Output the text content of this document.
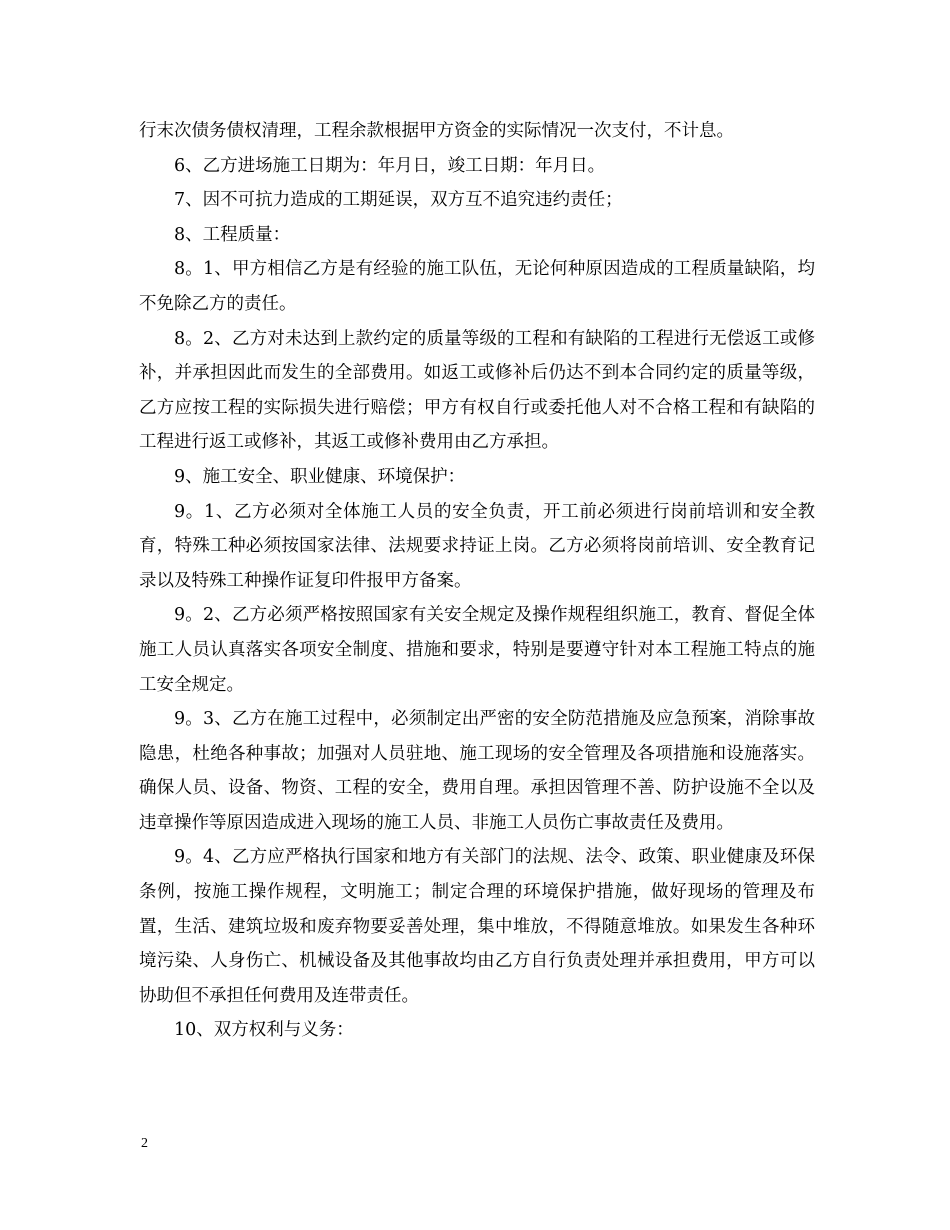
行末次债务债权清理，工程余款根据甲方资金的实际情况一次支付，不计息。

6、乙方进场施工日期为：年月日，竣工日期：年月日。

7、因不可抗力造成的工期延误，双方互不追究违约责任；

8、工程质量：

8。1、甲方相信乙方是有经验的施工队伍，无论何种原因造成的工程质量缺陷，均不免除乙方的责任。

8。2、乙方对未达到上款约定的质量等级的工程和有缺陷的工程进行无偿返工或修补，并承担因此而发生的全部费用。如返工或修补后仍达不到本合同约定的质量等级，乙方应按工程的实际损失进行赔偿；甲方有权自行或委托他人对不合格工程和有缺陷的工程进行返工或修补，其返工或修补费用由乙方承担。

9、施工安全、职业健康、环境保护：

9。1、乙方必须对全体施工人员的安全负责，开工前必须进行岗前培训和安全教育，特殊工种必须按国家法律、法规要求持证上岗。乙方必须将岗前培训、安全教育记录以及特殊工种操作证复印件报甲方备案。

9。2、乙方必须严格按照国家有关安全规定及操作规程组织施工，教育、督促全体施工人员认真落实各项安全制度、措施和要求，特别是要遵守针对本工程施工特点的施工安全规定。

9。3、乙方在施工过程中，必须制定出严密的安全防范措施及应急预案，消除事故隐患，杜绝各种事故；加强对人员驻地、施工现场的安全管理及各项措施和设施落实。确保人员、设备、物资、工程的安全，费用自理。承担因管理不善、防护设施不全以及违章操作等原因造成进入现场的施工人员、非施工人员伤亡事故责任及费用。

9。4、乙方应严格执行国家和地方有关部门的法规、法令、政策、职业健康及环保条例，按施工操作规程，文明施工；制定合理的环境保护措施，做好现场的管理及布置，生活、建筑垃圾和废弃物要妥善处理，集中堆放，不得随意堆放。如果发生各种环境污染、人身伤亡、机械设备及其他事故均由乙方自行负责处理并承担费用，甲方可以协助但不承担任何费用及连带责任。

10、双方权利与义务：

2
